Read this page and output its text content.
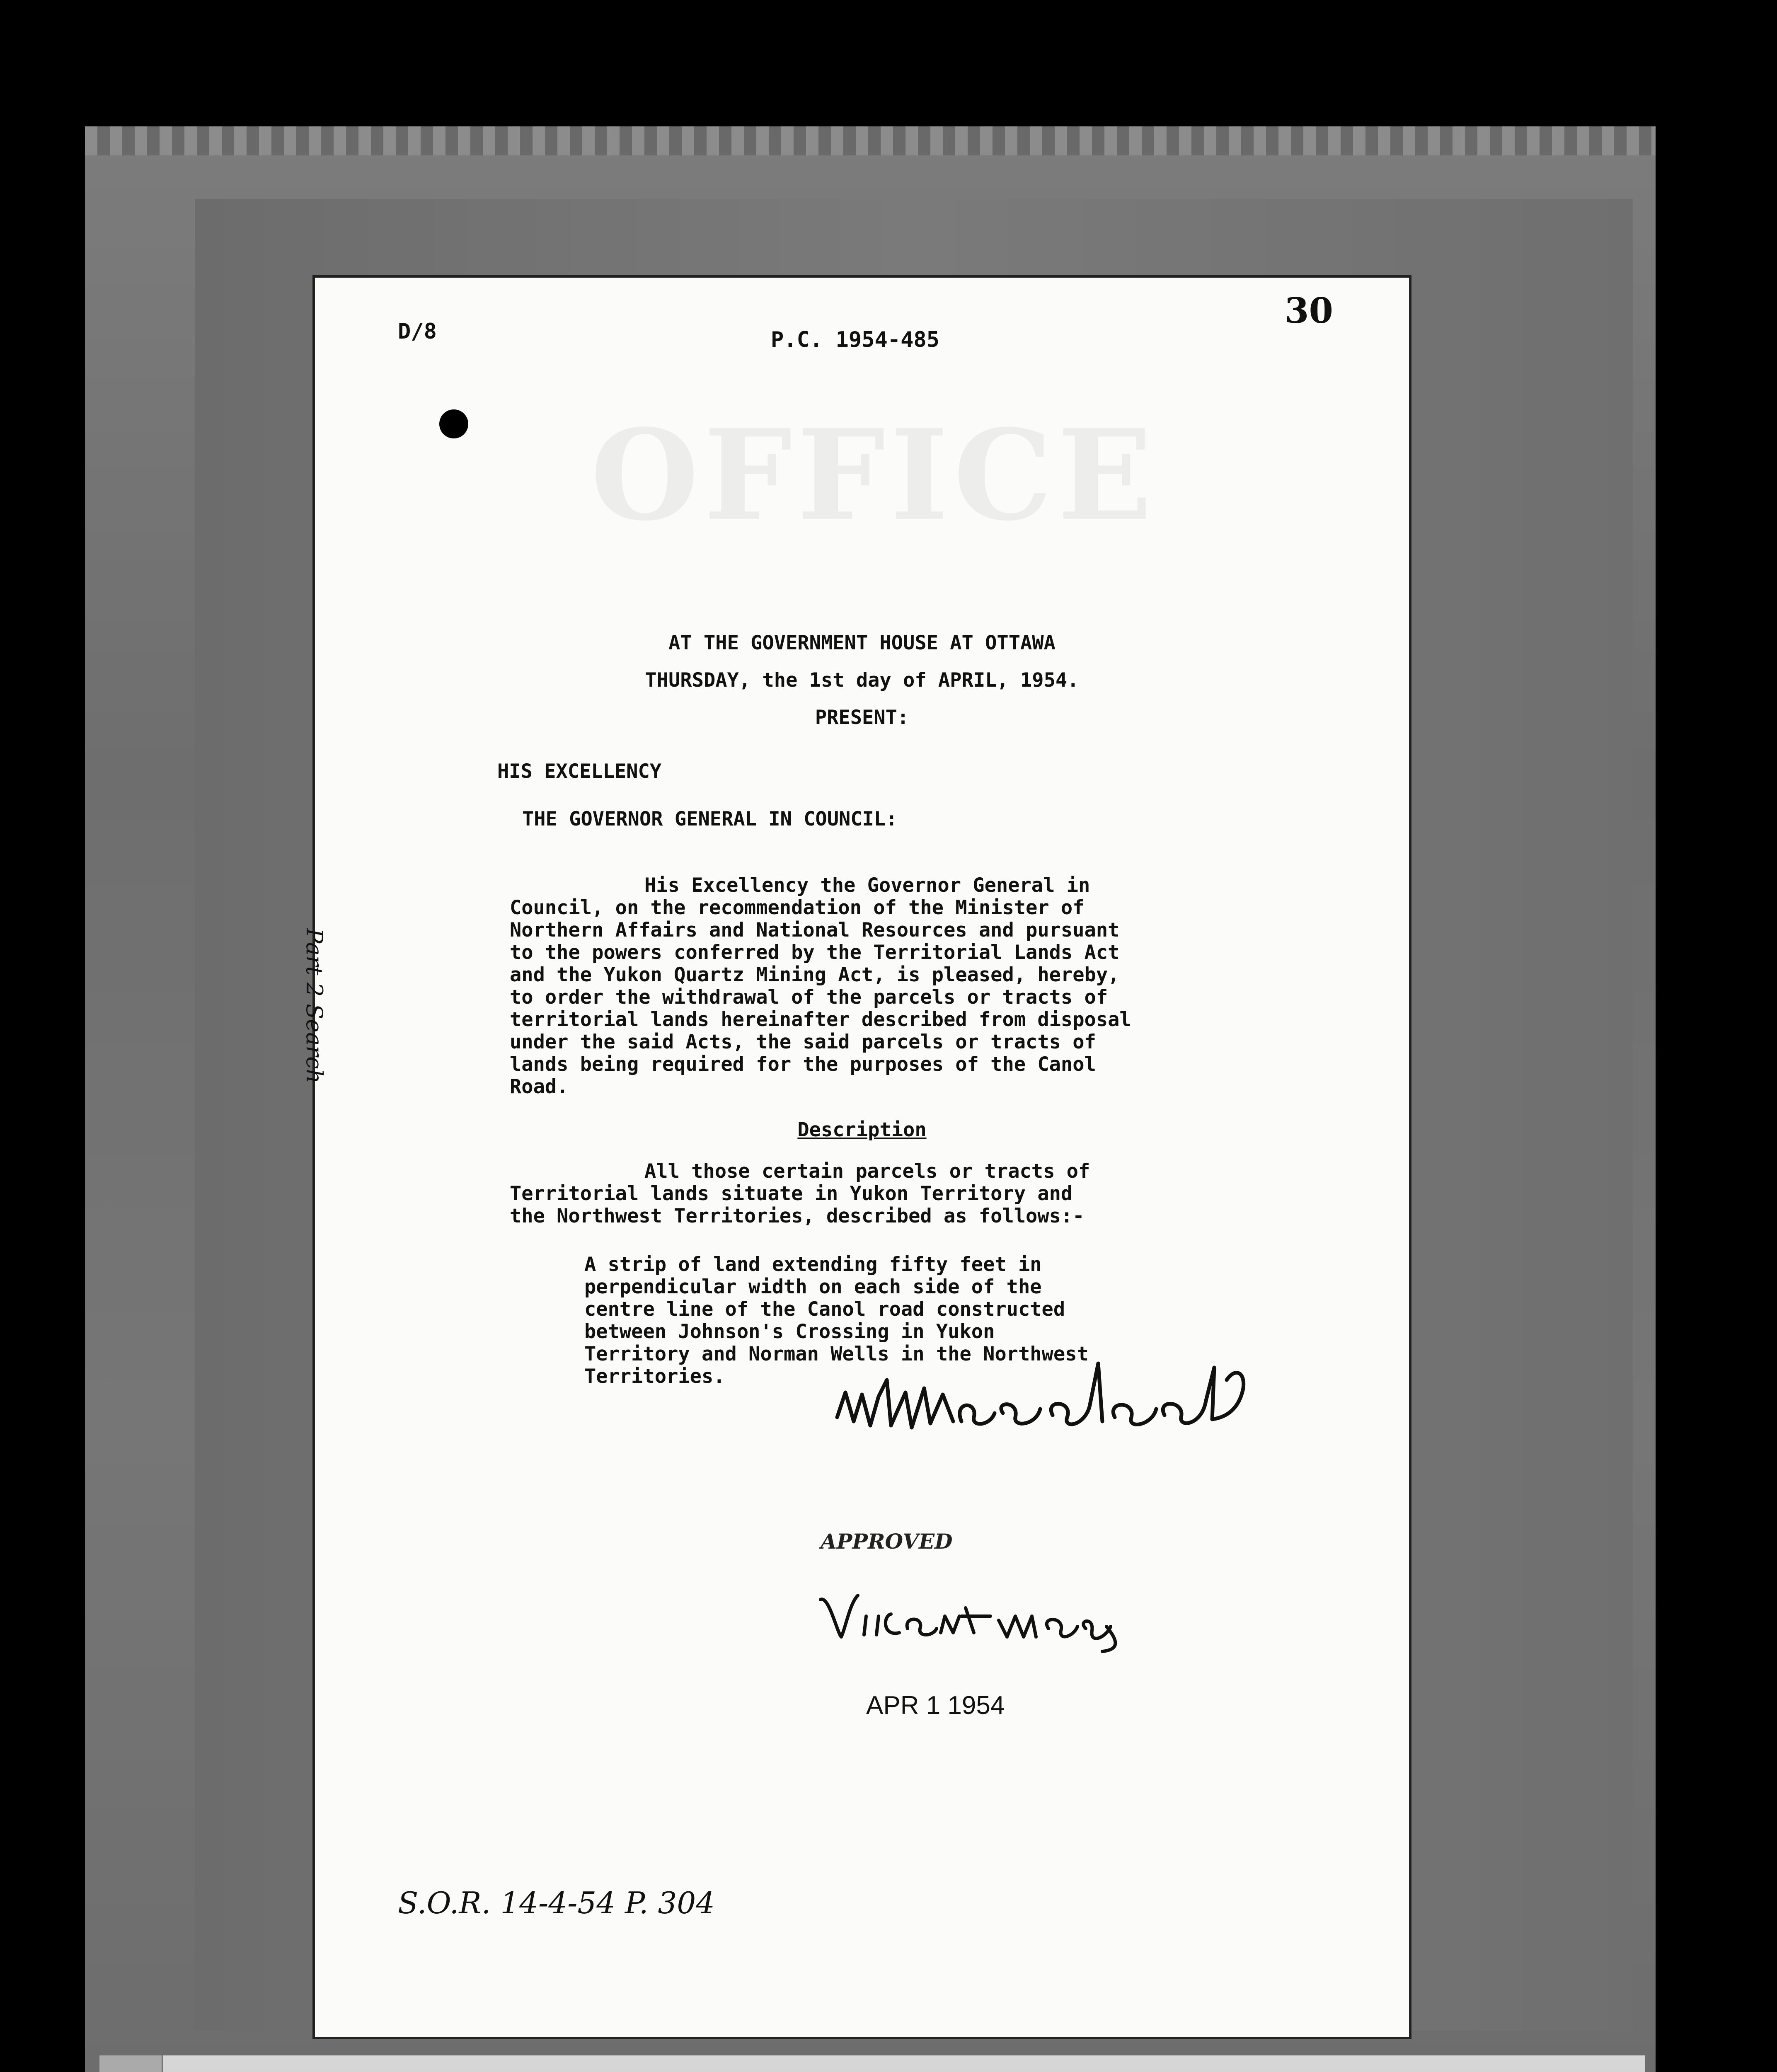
OFFICE
D/8	P.C. 1954-485
30
AT THE GOVERNMENT HOUSE AT OTTAWA
THURSDAY, the 1st day of APRIL, 1954.
PRESENT:
HIS EXCELLENCY
THE GOVERNOR GENERAL IN COUNCIL:
His Excellency the Governor General in
Council, on the recommendation of the Minister of
Northern Affairs and National Resources and pursuant
to the powers conferred by the Territorial Lands Act
and the Yukon Quartz Mining Act, is pleased, hereby,
to order the withdrawal of the parcels or tracts of
territorial lands hereinafter described from disposal
under the said Acts, the said parcels or tracts of
lands being required for the purposes of the Canol
Road.
Description
All those certain parcels or tracts of
Territorial lands situate in Yukon Territory and
the Northwest Territories, described as follows:-
A strip of land extending fifty feet in
perpendicular width on each side of the
centre line of the Canol road constructed
between Johnson's Crossing in Yukon
Territory and Norman Wells in the Northwest
Territories.
APPROVED
APR 1 1954
S.O.R. 14-4-54 P. 304
Part 2 Search
